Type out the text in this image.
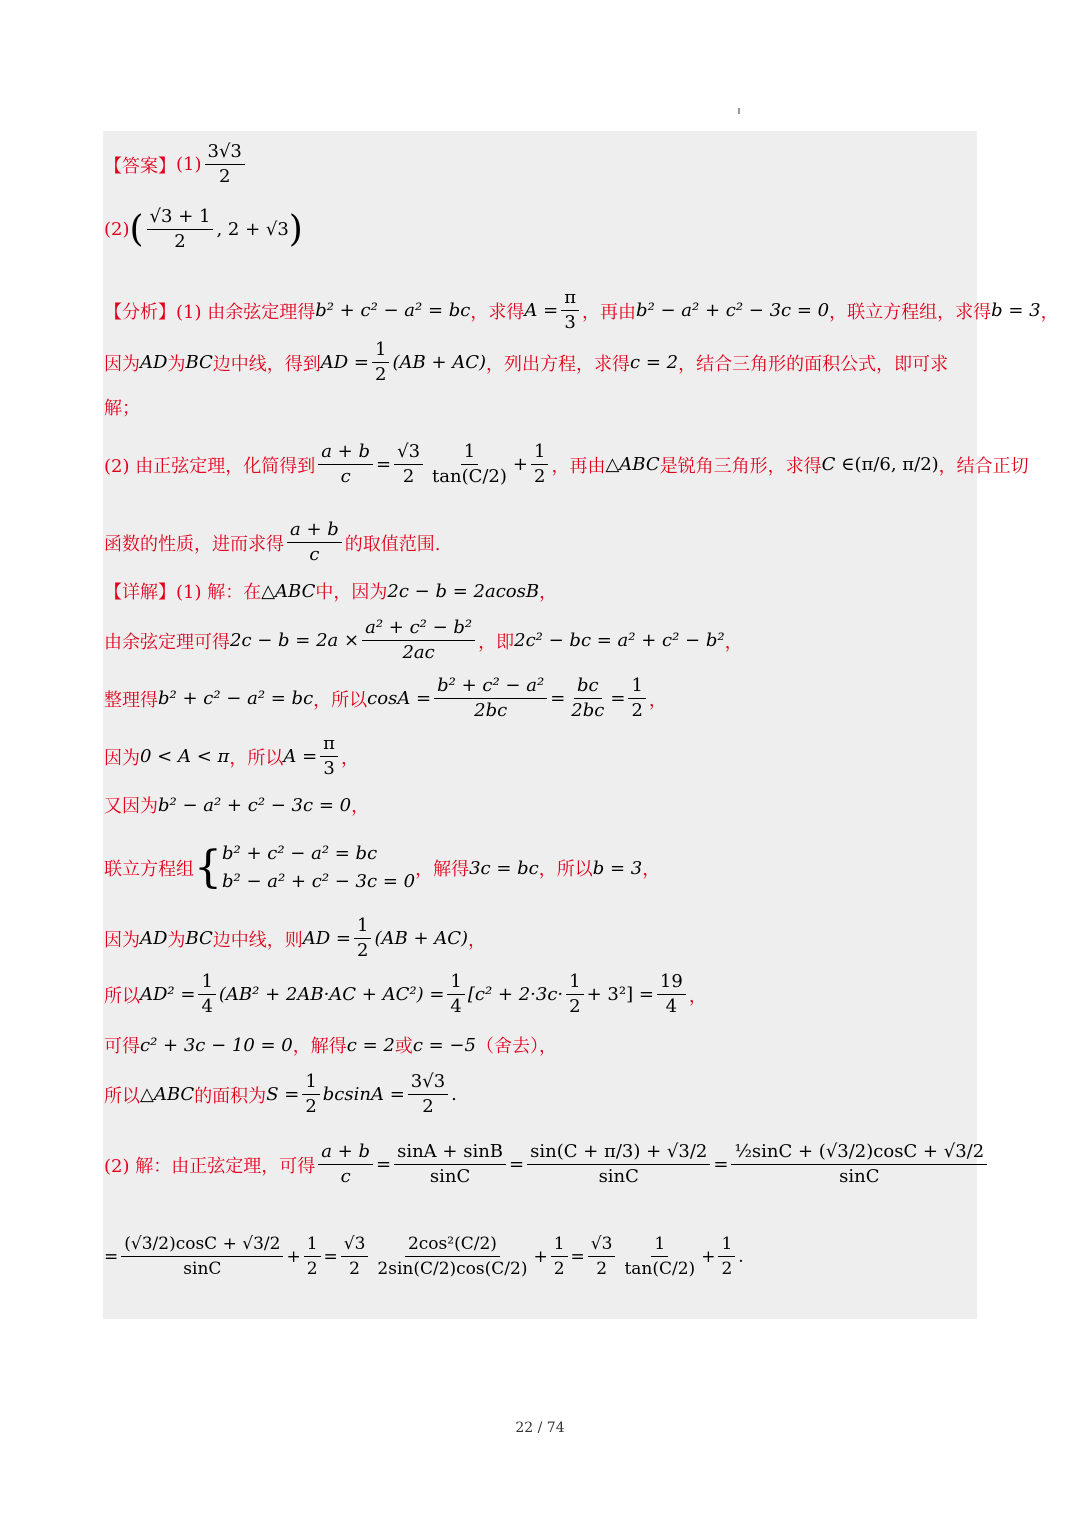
【答案】 $(1) \frac{3√3}{2}$
(2) ( $\frac{√3 + 1}{2}$ , 2 + √3 )
【分析】 (1) 由余弦定理得 b² + c² − a² = bc ，求得 $A = \frac{\pi}{3}$ ，再由 b² − a² + c² − 3c = 0 ，联立方程组，求得 b = 3 ，
因为 AD 为 BC 边中线，得到 AD = $\frac{1}{2} (AB + AC)$ ，列出方程，求得 c = 2 ，结合三角形的面积公式，即可求
解；
(2) 由正弦定理，化简得到 $\frac{a + b}{c} = \frac{√3}{2} \frac{1}{\tan(C/2)} + \frac{1}{2}$ ，再由 △ABC 是锐角三角形，求得 C ∈ (π/6, π/2) ，结合正切
函数的性质，进而求得 $\frac{a + b}{c}$ 的取值范围.
【详解】 (1) 解：在 △ABC 中，因为 2c − b = 2acosB ，
由余弦定理可得 $2c - b = 2a \times \frac{\text{a² + c² − b²}}{2ac}$ ，即 2c² − bc = a² + c² − b² ，
整理得 b² + c² − a² = bc ，所以 $\cos A = \frac{\text{b² + c² − a²}}{2bc} = \frac{bc}{2bc} = \frac{1}{2}$ ，
因为 0 < A < π ，所以 $A = \frac{\pi}{3}$ ，
又因为 b² − a² + c² − 3c = 0 ，
联立方程组 { b² + c² − a² = bc
b² − a² + c² − 3c = 0
，解得 3c = bc ，所以 b = 3 ，
因为 AD 为 BC 边中线，则 AD = $\frac{1}{2} (AB + AC)$ ，
所以 $AD^2 = \frac{1}{4} (AB^2 + 2AB\cdot AC + AC^2) = \frac{1}{4} [c^2 + 2\cdot 3c\cdot \frac{1}{2} + 3^2] = \frac{19}{4}$ ，
可得 c² + 3c − 10 = 0 ，解得 c = 2 或 c = −5 （舍去），
所以 △ABC 的面积为 $S = \frac{1}{2}$ $bcsinA = \frac{3√3}{2}$ .
(2) 解：由正弦定理，可得 $\frac{a + b}{c} = \frac{\sin A + \sin B}{\sin C} = \frac{\sin(C + \pi/3) + √3/2}{\sin C} = \frac{\text{½sinC + (√3/2)cosC + √3/2}}{\sin C}$
= $\frac{(√3/2)\cos C + √3/2}{\sin C} + \frac{1}{2} = \frac{√3}{2} \frac{\text{2cos²(C/2)}}{2\sin(C/2)\cos(C/2)} + \frac{1}{2} = \frac{√3}{2} \frac{1}{\tan(C/2)} + \frac{1}{2}$ .
22 / 74
